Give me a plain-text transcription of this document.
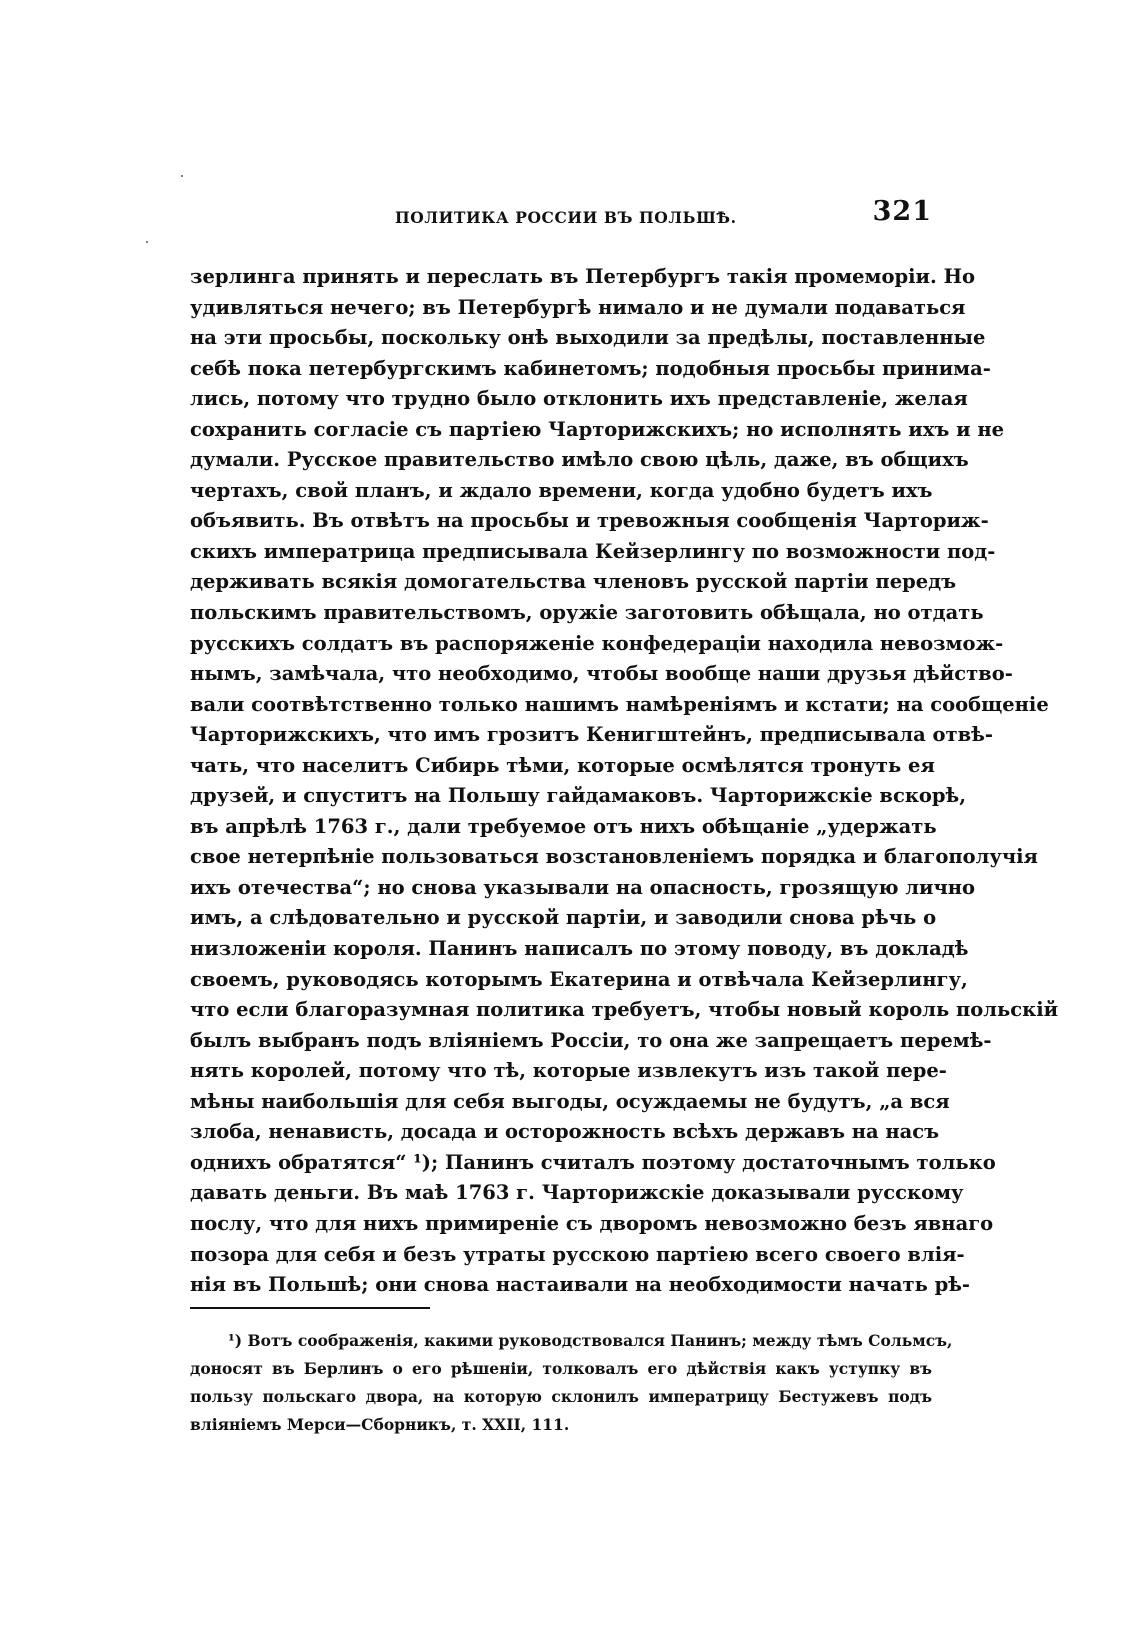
ПОЛИТИКА РОССИИ ВЪ ПОЛЬШѢ.	321
зерлинга принять и переслать въ Петербургъ такія промеморіи. Но
удивляться нечего; въ Петербургѣ нимало и не думали подаваться
на эти просьбы, поскольку онѣ выходили за предѣлы, поставленные
себѣ пока петербургскимъ кабинетомъ; подобныя просьбы принима-
лись, потому что трудно было отклонить ихъ представленіе, желая
сохранить согласіе съ партіею Чарторижскихъ; но исполнять ихъ и не
думали. Русское правительство имѣло свою цѣль, даже, въ общихъ
чертахъ, свой планъ, и ждало времени, когда удобно будетъ ихъ
объявить. Въ отвѣтъ на просьбы и тревожныя сообщенія Чарториж-
скихъ императрица предписывала Кейзерлингу по возможности под-
держивать всякія домогательства членовъ русской партіи передъ
польскимъ правительствомъ, оружіе заготовить обѣщала, но отдать
русскихъ солдатъ въ распоряженіе конфедераціи находила невозмож-
нымъ, замѣчала, что необходимо, чтобы вообще наши друзья дѣйство-
вали соотвѣтственно только нашимъ намѣреніямъ и кстати; на сообщеніе
Чарторижскихъ, что имъ грозитъ Кенигштейнъ, предписывала отвѣ-
чать, что населитъ Сибирь тѣми, которые осмѣлятся тронуть ея
друзей, и спуститъ на Польшу гайдамаковъ. Чарторижскіе вскорѣ,
въ апрѣлѣ 1763 г., дали требуемое отъ нихъ обѣщаніе „удержать
свое нетерпѣніе пользоваться возстановленіемъ порядка и благополучія
ихъ отечества“; но снова указывали на опасность, грозящую лично
имъ, а слѣдовательно и русской партіи, и заводили снова рѣчь о
низложеніи короля. Панинъ написалъ по этому поводу, въ докладѣ
своемъ, руководясь которымъ Екатерина и отвѣчала Кейзерлингу,
что если благоразумная политика требуетъ, чтобы новый король польскій
былъ выбранъ подъ вліяніемъ Россіи, то она же запрещаетъ перемѣ-
нять королей, потому что тѣ, которые извлекутъ изъ такой пере-
мѣны наибольшія для себя выгоды, осуждаемы не будутъ, „а вся
злоба, ненависть, досада и осторожность всѣхъ державъ на насъ
однихъ обратятся“ ¹); Панинъ считалъ поэтому достаточнымъ только
давать деньги. Въ маѣ 1763 г. Чарторижскіе доказывали русскому
послу, что для нихъ примиреніе съ дворомъ невозможно безъ явнаго
позора для себя и безъ утраты русскою партіею всего своего влія-
нія въ Польшѣ; они снова настаивали на необходимости начать рѣ-
¹) Вотъ соображенія, какими руководствовался Панинъ; между тѣмъ Сольмсъ,
доносят въ Берлинъ о его рѣшеніи, толковалъ его дѣйствія какъ уступку въ
пользу польскаго двора, на которую склонилъ императрицу Бестужевъ подъ
вліяніемъ Мерси—Сборникъ, т. XXII, 111.
